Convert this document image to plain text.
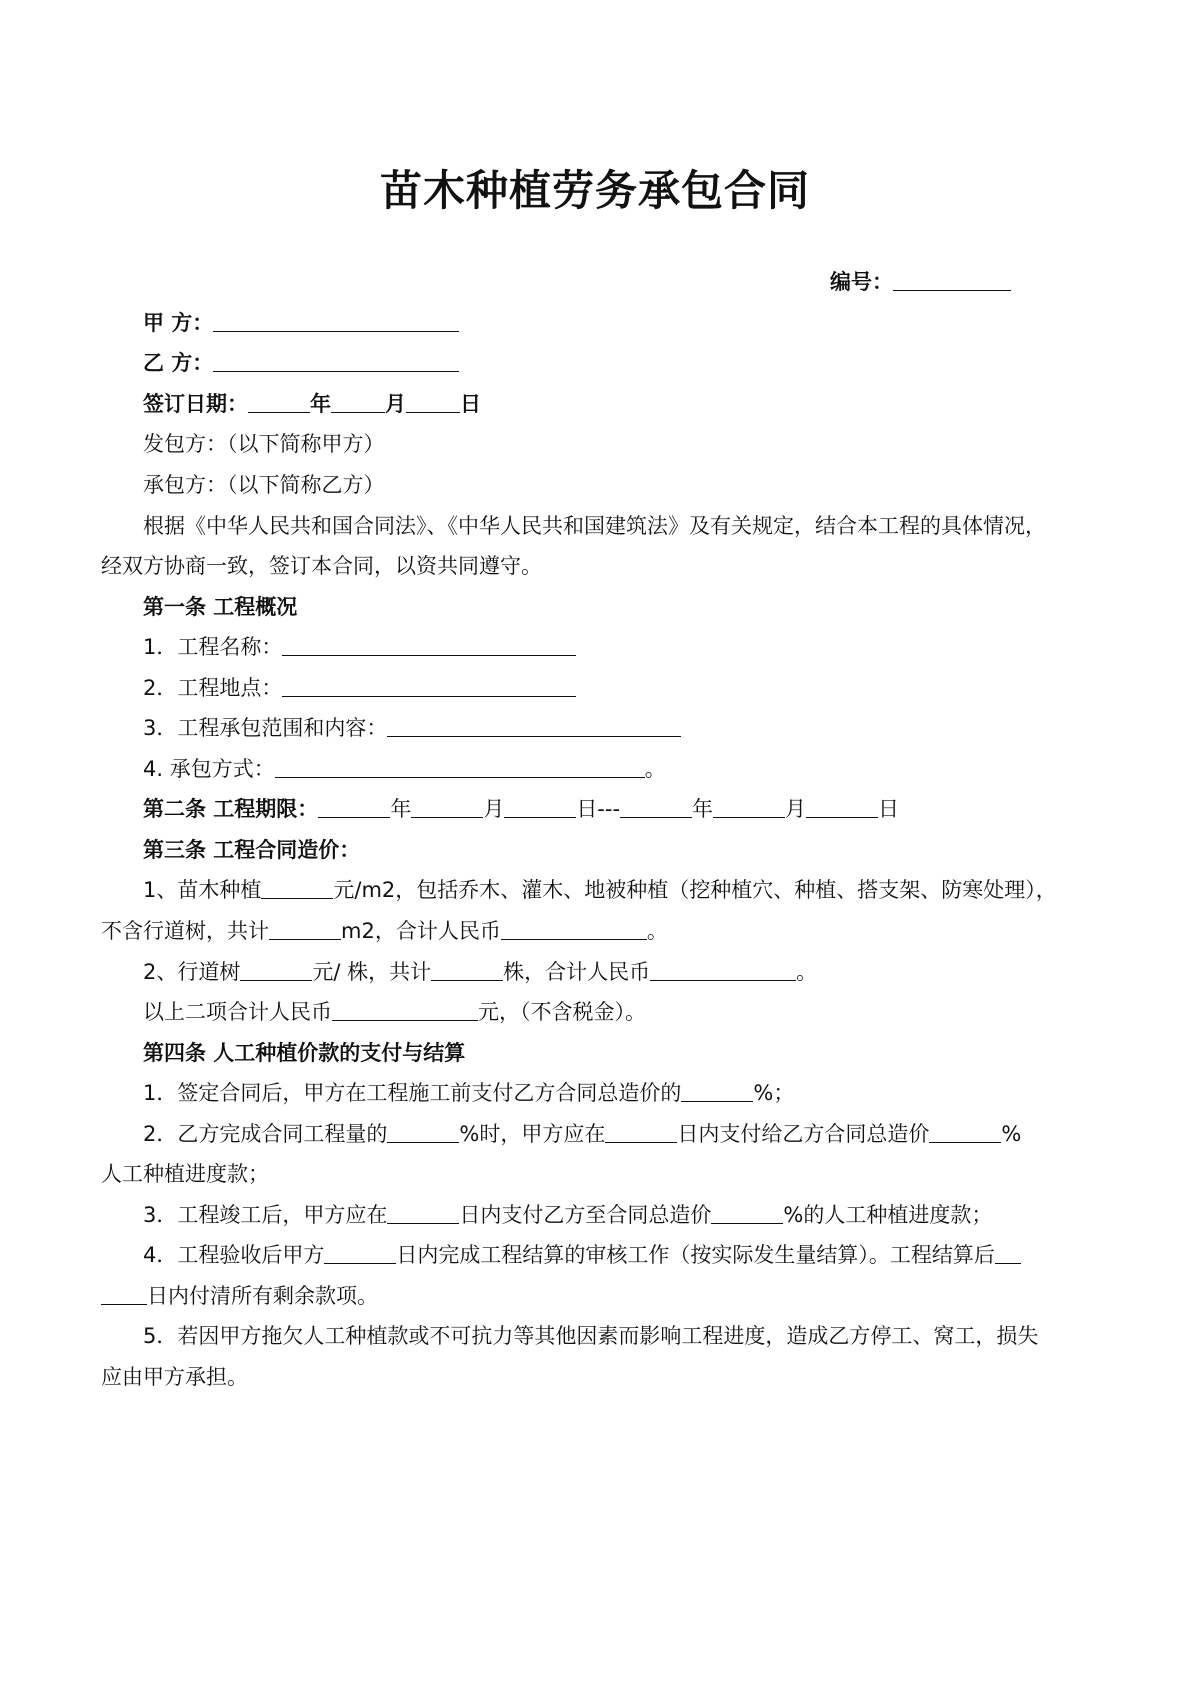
苗木种植劳务承包合同
编号：
甲 方：
乙 方：
签订日期：	年	月	日
发包方：（以下简称甲方）
承包方：（以下简称乙方）
根据《中华人民共和国合同法》、《中华人民共和国建筑法》及有关规定，结合本工程的具体情况，
经双方协商一致，签订本合同，以资共同遵守。
第一条 工程概况
1．工程名称：
2．工程地点：
3．工程承包范围和内容：
4. 承包方式：	。
第二条 工程期限：	年	月	日---	年	月	日
第三条 工程合同造价：
1、苗木种植	元/m2，包括乔木、灌木、地被种植（挖种植穴、种植、搭支架、防寒处理），
不含行道树，共计	m2，合计人民币	。
2、行道树	元/ 株，共计	株，合计人民币	。
以上二项合计人民币	元，（不含税金）。
第四条 人工种植价款的支付与结算
1．签定合同后，甲方在工程施工前支付乙方合同总造价的	%；
2．乙方完成合同工程量的	%时，甲方应在	日内支付给乙方合同总造价	%
人工种植进度款；
3．工程竣工后，甲方应在	日内支付乙方至合同总造价	%的人工种植进度款；
4．工程验收后甲方	日内完成工程结算的审核工作（按实际发生量结算）。工程结算后
日内付清所有剩余款项。
5．若因甲方拖欠人工种植款或不可抗力等其他因素而影响工程进度，造成乙方停工、窝工，损失
应由甲方承担。
